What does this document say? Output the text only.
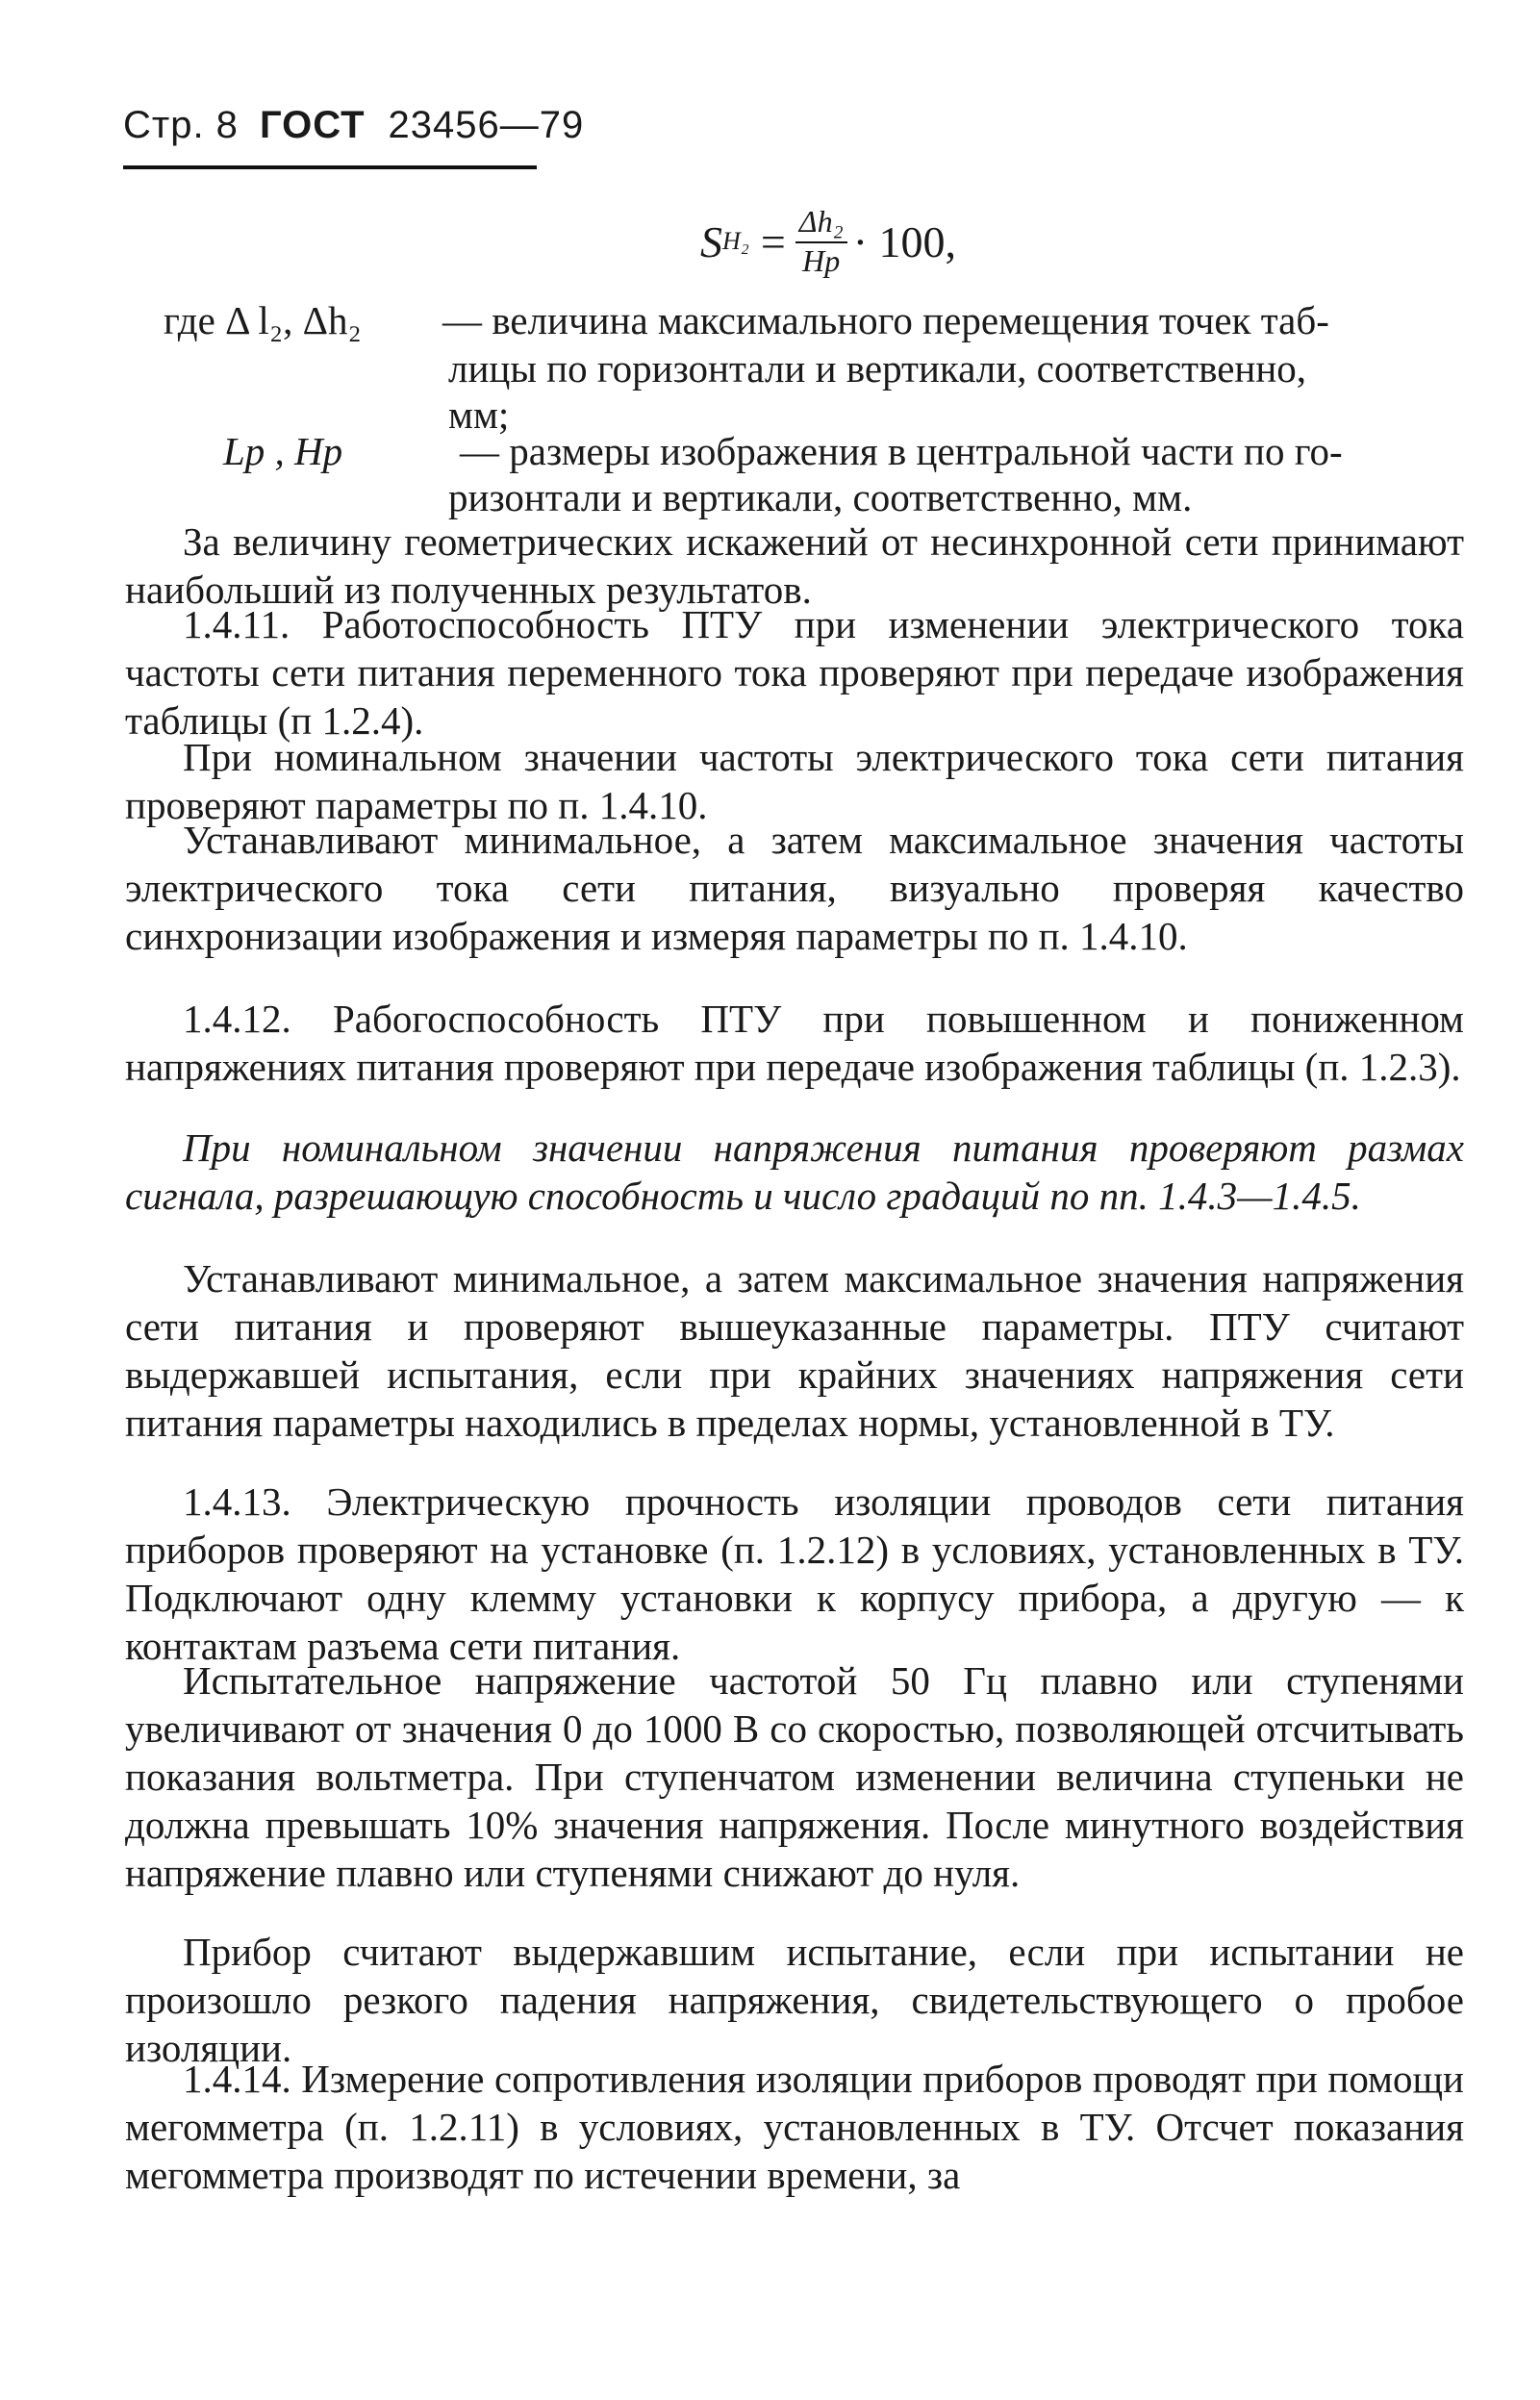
Стр. 8 ГОСТ 23456—79
S $H_2 = \frac{\text{Δh₂}}{Hр} \cdot 100$,
где Δ l₂, Δh₂ — величина максимального перемещения точек таб-
лицы по горизонтали и вертикали, соответственно,
мм;
Lр , Hр	— размеры изображения в центральной части по го-
ризонтали и вертикали, соответственно, мм.
За величину геометрических искажений от несинхронной сети принимают наибольший из полученных результатов.
1.4.11. Работоспособность ПТУ при изменении электрического тока частоты сети питания переменного тока проверяют при передаче изображения таблицы (п 1.2.4).
При номинальном значении частоты электрического тока сети питания проверяют параметры по п. 1.4.10.
Устанавливают минимальное, а затем максимальное значения частоты электрического тока сети питания, визуально проверяя качество синхронизации изображения и измеряя параметры по п. 1.4.10.
1.4.12. Рабогоспособность ПТУ при повышенном и пониженном напряжениях питания проверяют при передаче изображения таблицы (п. 1.2.3).
При номинальном значении напряжения питания проверяют размах сигнала, разрешающую способность и число градаций по пп. 1.4.3—1.4.5.
Устанавливают минимальное, а затем максимальное значения напряжения сети питания и проверяют вышеуказанные параметры. ПТУ считают выдержавшей испытания, если при крайних значениях напряжения сети питания параметры находились в пределах нормы, установленной в ТУ.
1.4.13. Электрическую прочность изоляции проводов сети питания приборов проверяют на установке (п. 1.2.12) в условиях, установленных в ТУ. Подключают одну клемму установки к корпусу прибора, а другую — к контактам разъема сети питания.
Испытательное напряжение частотой 50 Гц плавно или ступенями увеличивают от значения 0 до 1000 В со скоростью, позволяющей отсчитывать показания вольтметра. При ступенчатом изменении величина ступеньки не должна превышать 10% значения напряжения. После минутного воздействия напряжение плавно или ступенями снижают до нуля.
Прибор считают выдержавшим испытание, если при испытании не произошло резкого падения напряжения, свидетельствующего о пробое изоляции.
1.4.14. Измерение сопротивления изоляции приборов проводят при помощи мегомметра (п. 1.2.11) в условиях, установленных в ТУ. Отсчет показания мегомметра производят по истечении времени, за
